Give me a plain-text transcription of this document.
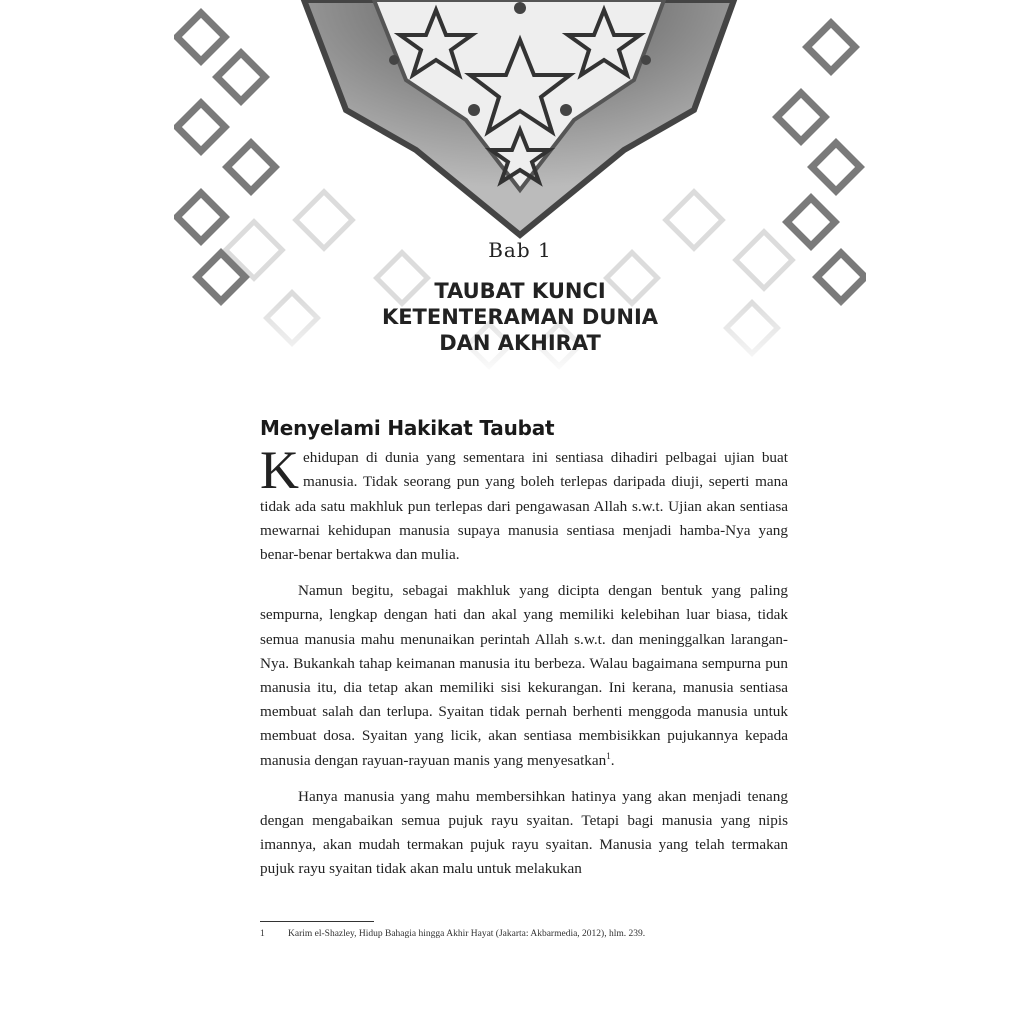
Bab 1
TAUBAT KUNCI
KETENTERAMAN DUNIA
DAN AKHIRAT
Menyelami Hakikat Taubat

Kehidupan di dunia yang sementara ini sentiasa dihadiri pelbagai ujian buat manusia. Tidak seorang pun yang boleh terlepas daripada diuji, seperti mana tidak ada satu makhluk pun terlepas dari pengawasan Allah s.w.t. Ujian akan sentiasa mewarnai kehidupan manusia supaya manusia sentiasa menjadi hamba-Nya yang benar-benar bertakwa dan mulia.

Namun begitu, sebagai makhluk yang dicipta dengan bentuk yang paling sempurna, lengkap dengan hati dan akal yang memiliki kelebihan luar biasa, tidak semua manusia mahu menunaikan perintah Allah s.w.t. dan meninggalkan larangan-Nya. Bukankah tahap keimanan manusia itu berbeza. Walau bagaimana sempurna pun manusia itu, dia tetap akan memiliki sisi kekurangan. Ini kerana, manusia sentiasa membuat salah dan terlupa. Syaitan tidak pernah berhenti menggoda manusia untuk membuat dosa. Syaitan yang licik, akan sentiasa membisikkan pujukannya kepada manusia dengan rayuan-rayuan manis yang menyesatkan$^1$.

Hanya manusia yang mahu membersihkan hatinya yang akan menjadi tenang dengan mengabaikan semua pujuk rayu syaitan. Tetapi bagi manusia yang nipis imannya, akan mudah termakan pujuk rayu syaitan. Manusia yang telah termakan pujuk rayu syaitan tidak akan malu untuk melakukan

1 Karim el-Shazley, Hidup Bahagia hingga Akhir Hayat (Jakarta: Akbarmedia, 2012), hlm. 239.
